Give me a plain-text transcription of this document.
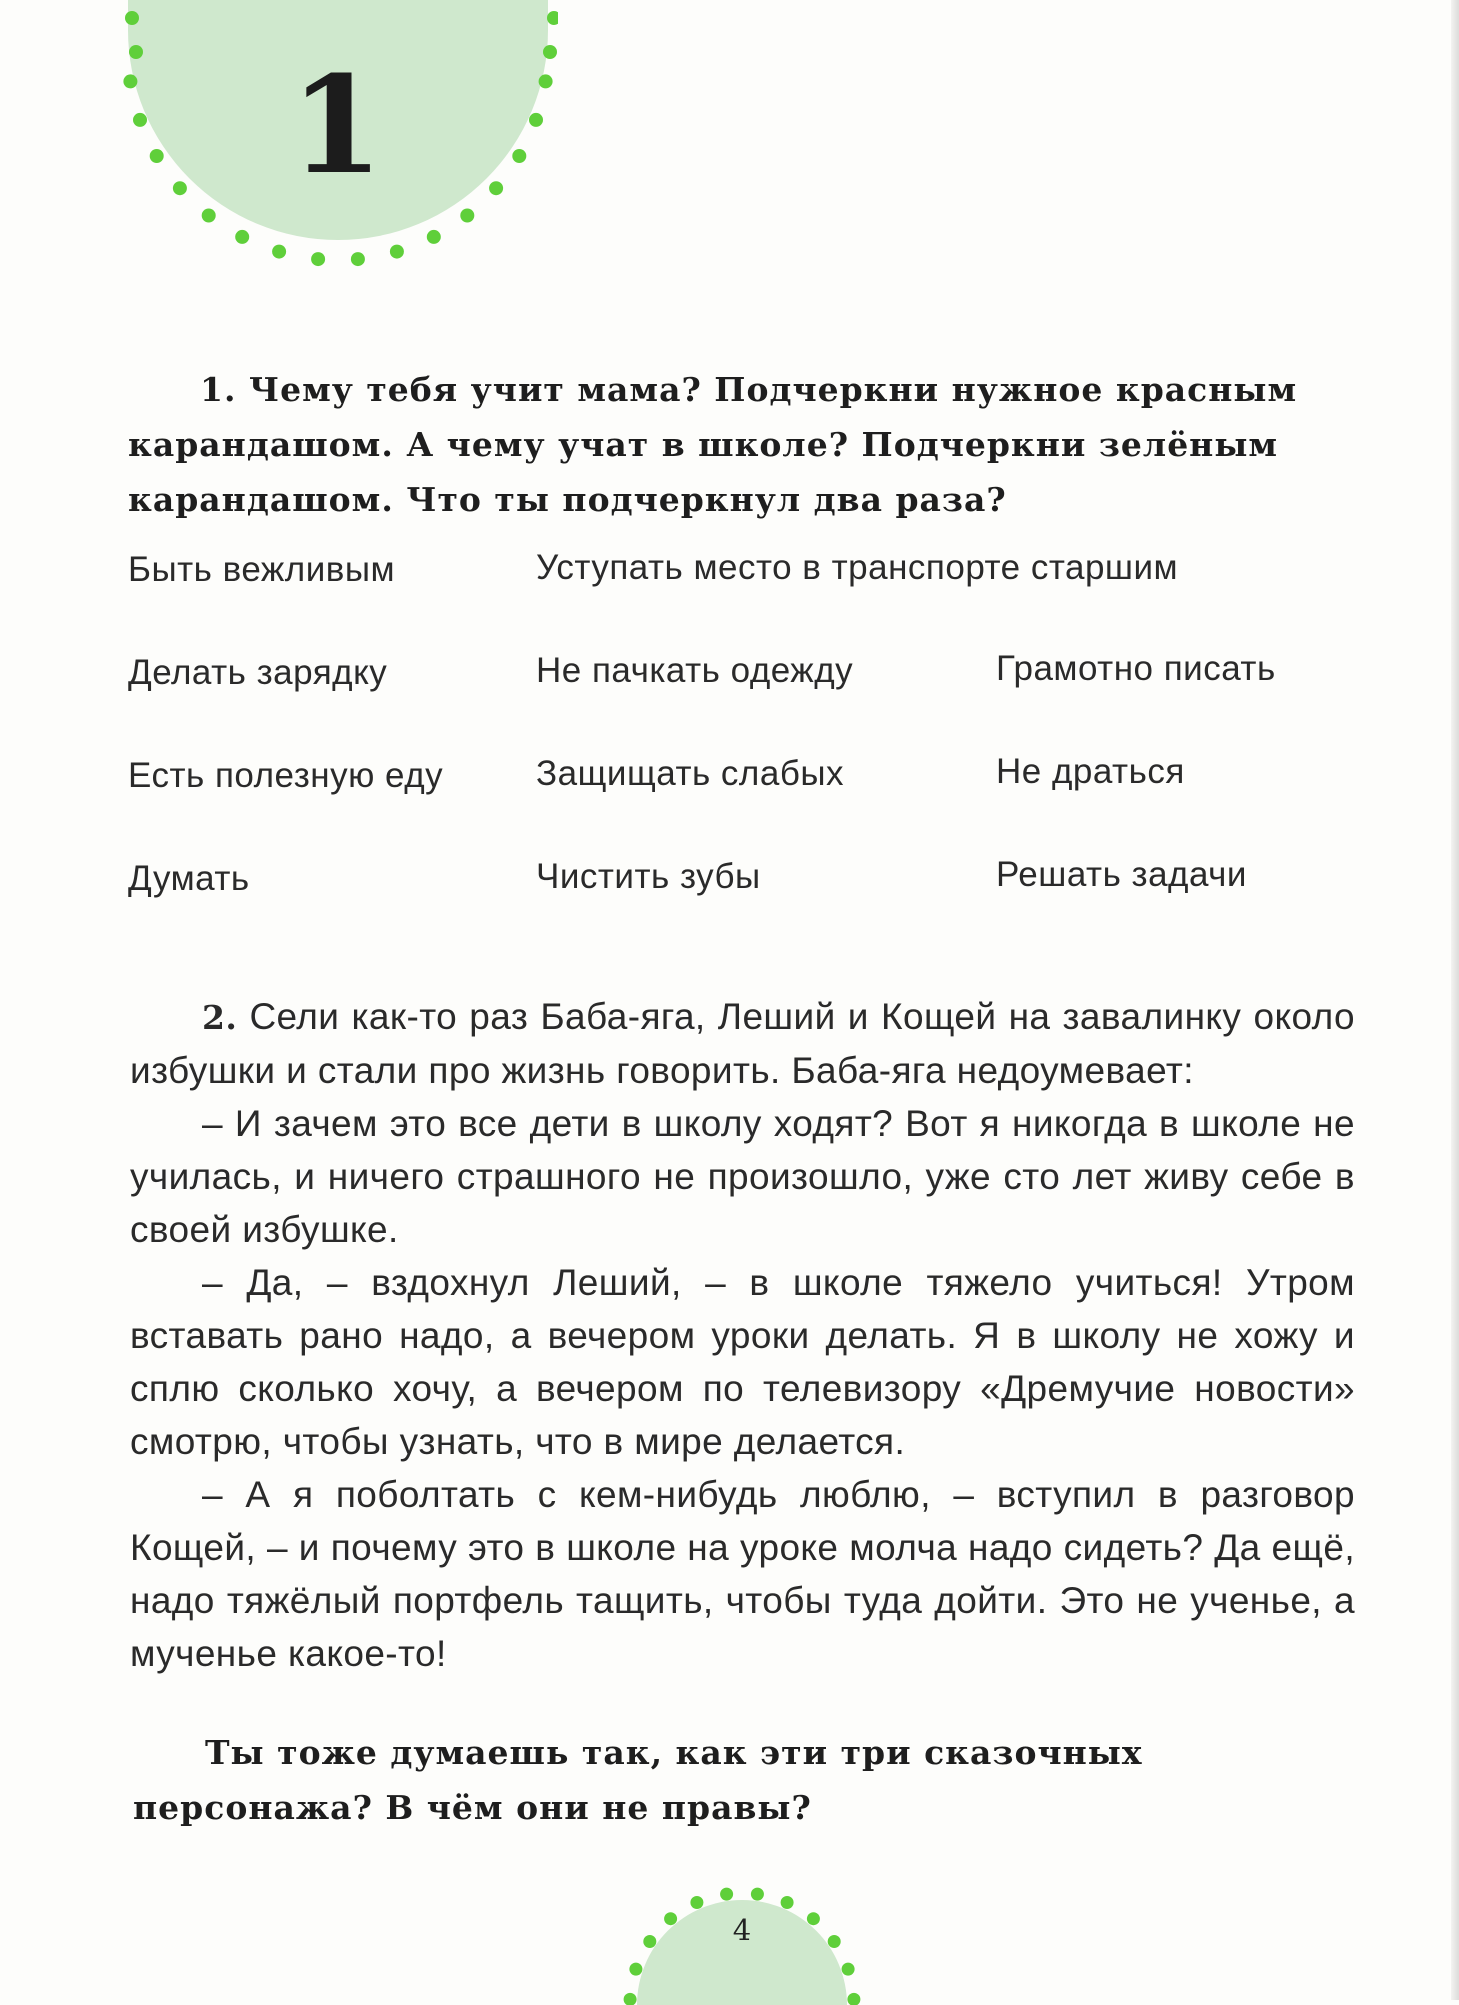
1

1. Чему тебя учит мама? Подчеркни нужное красным карандашом. А чему учат в школе? Подчеркни зелёным карандашом. Что ты подчеркнул два раза?

Быть вежливым	Уступать место в транспорте старшим
Делать зарядку	Не пачкать одежду	Грамотно писать
Есть полезную еду	Защищать слабых	Не драться
Думать	Чистить зубы	Решать задачи

2. Сели как-то раз Баба-яга, Леший и Кощей на завалинку около избушки и стали про жизнь говорить. Баба-яга недоумевает:

– И зачем это все дети в школу ходят? Вот я никогда в школе не училась, и ничего страшного не произошло, уже сто лет живу себе в своей избушке.

– Да, – вздохнул Леший, – в школе тяжело учиться! Утром вставать рано надо, а вечером уроки делать. Я в школу не хожу и сплю сколько хочу, а вечером по телевизору «Дремучие новости» смотрю, чтобы узнать, что в мире делается.

– А я поболтать с кем-нибудь люблю, – вступил в разговор Кощей, – и почему это в школе на уроке молча надо сидеть? Да ещё, надо тяжёлый портфель тащить, чтобы туда дойти. Это не ученье, а мученье какое-то!

Ты тоже думаешь так, как эти три сказочных персонажа? В чём они не правы?

4
